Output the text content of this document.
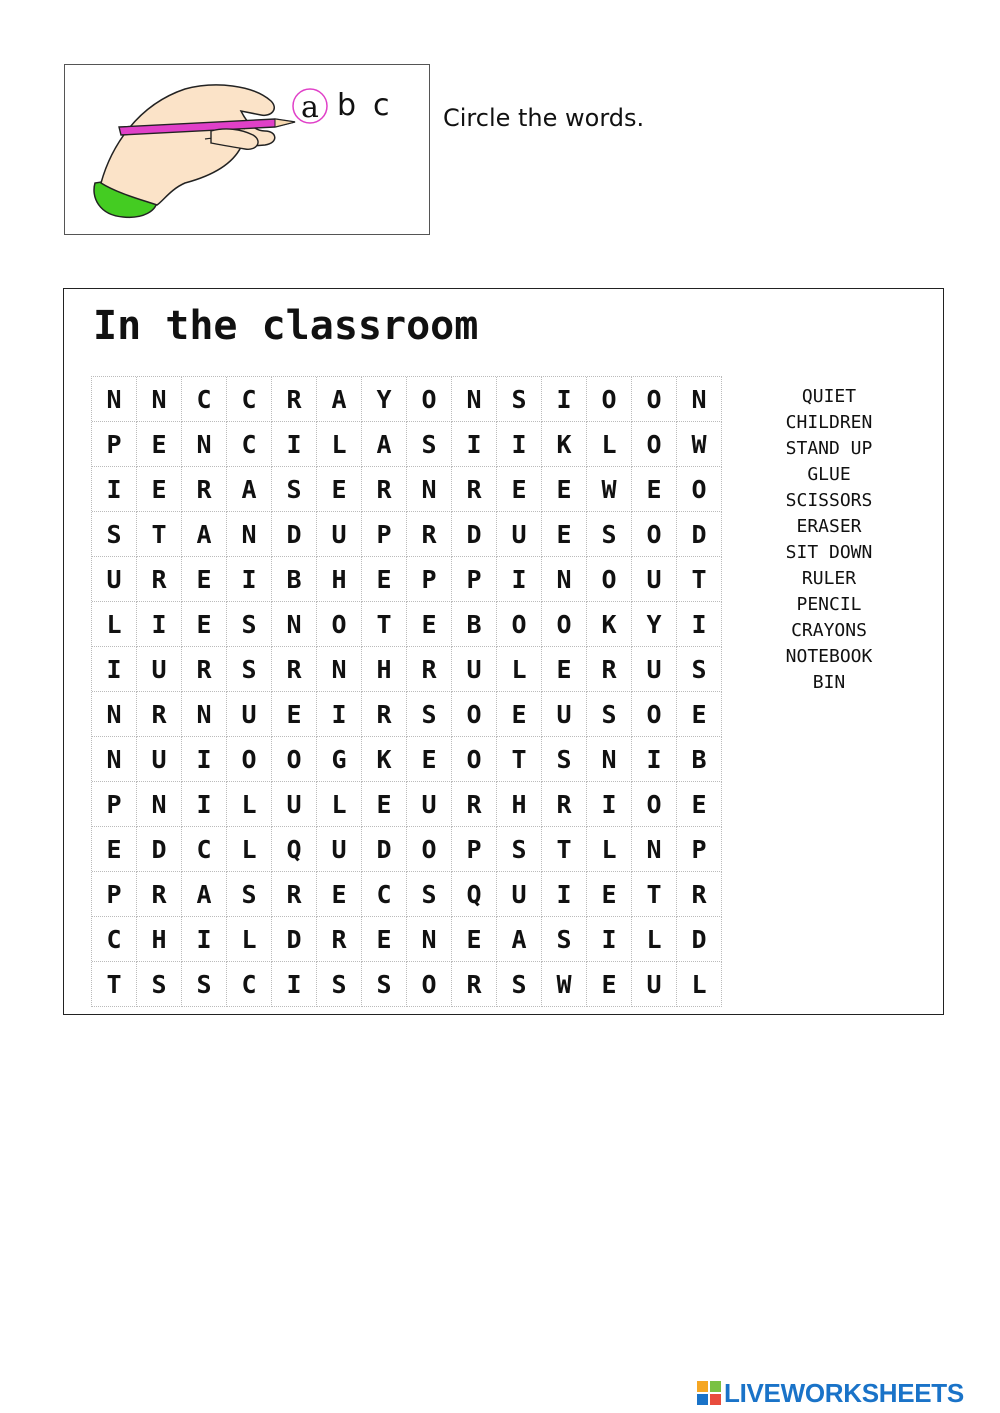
a b c Circle the words.
In the classroom
N	N	C	C	R	A	Y	O	N	S	I	O	O	N
P	E	N	C	I	L	A	S	I	I	K	L	O	W
I	E	R	A	S	E	R	N	R	E	E	W	E	O
S	T	A	N	D	U	P	R	D	U	E	S	O	D
U	R	E	I	B	H	E	P	P	I	N	O	U	T
L	I	E	S	N	O	T	E	B	O	O	K	Y	I
I	U	R	S	R	N	H	R	U	L	E	R	U	S
N	R	N	U	E	I	R	S	O	E	U	S	O	E
N	U	I	O	O	G	K	E	O	T	S	N	I	B
P	N	I	L	U	L	E	U	R	H	R	I	O	E
E	D	C	L	Q	U	D	O	P	S	T	L	N	P
P	R	A	S	R	E	C	S	Q	U	I	E	T	R
C	H	I	L	D	R	E	N	E	A	S	I	L	D
T	S	S	C	I	S	S	O	R	S	W	E	U	L
QUIET
CHILDREN
STAND UP
GLUE
SCISSORS
ERASER
SIT DOWN
RULER
PENCIL
CRAYONS
NOTEBOOK
BIN
LIVEWORKSHEETS
